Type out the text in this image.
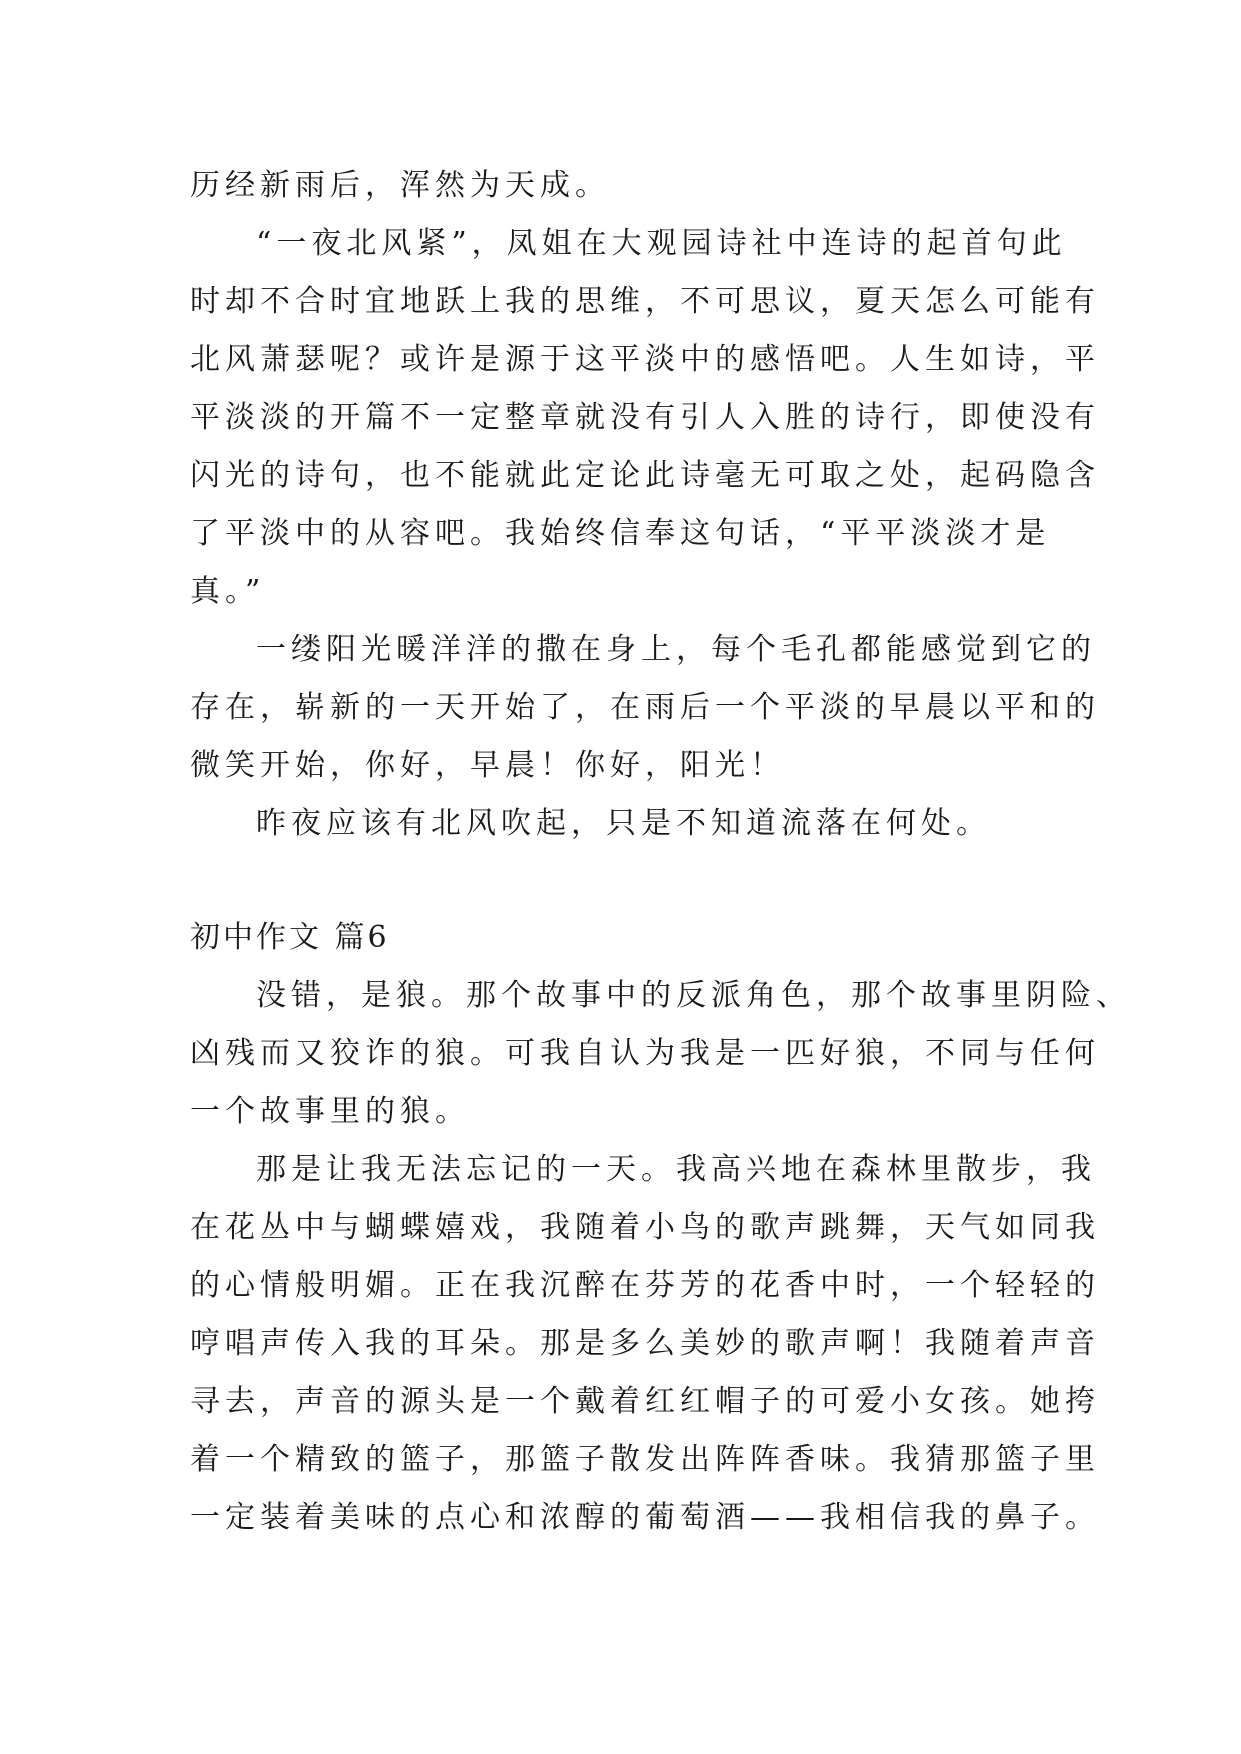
历经新雨后，浑然为天成。
“一夜北风紧”，凤姐在大观园诗社中连诗的起首句此
时却不合时宜地跃上我的思维，不可思议，夏天怎么可能有
北风萧瑟呢？或许是源于这平淡中的感悟吧。人生如诗，平
平淡淡的开篇不一定整章就没有引人入胜的诗行，即使没有
闪光的诗句，也不能就此定论此诗毫无可取之处，起码隐含
了平淡中的从容吧。我始终信奉这句话，“平平淡淡才是
真。”
一缕阳光暖洋洋的撒在身上，每个毛孔都能感觉到它的
存在，崭新的一天开始了，在雨后一个平淡的早晨以平和的
微笑开始，你好，早晨！你好，阳光！
昨夜应该有北风吹起，只是不知道流落在何处。
初中作文 篇6
没错，是狼。那个故事中的反派角色，那个故事里阴险、
凶残而又狡诈的狼。可我自认为我是一匹好狼，不同与任何
一个故事里的狼。
那是让我无法忘记的一天。我高兴地在森林里散步，我
在花丛中与蝴蝶嬉戏，我随着小鸟的歌声跳舞，天气如同我
的心情般明媚。正在我沉醉在芬芳的花香中时，一个轻轻的
哼唱声传入我的耳朵。那是多么美妙的歌声啊！我随着声音
寻去，声音的源头是一个戴着红红帽子的可爱小女孩。她挎
着一个精致的篮子，那篮子散发出阵阵香味。我猜那篮子里
一定装着美味的点心和浓醇的葡萄酒——我相信我的鼻子。
